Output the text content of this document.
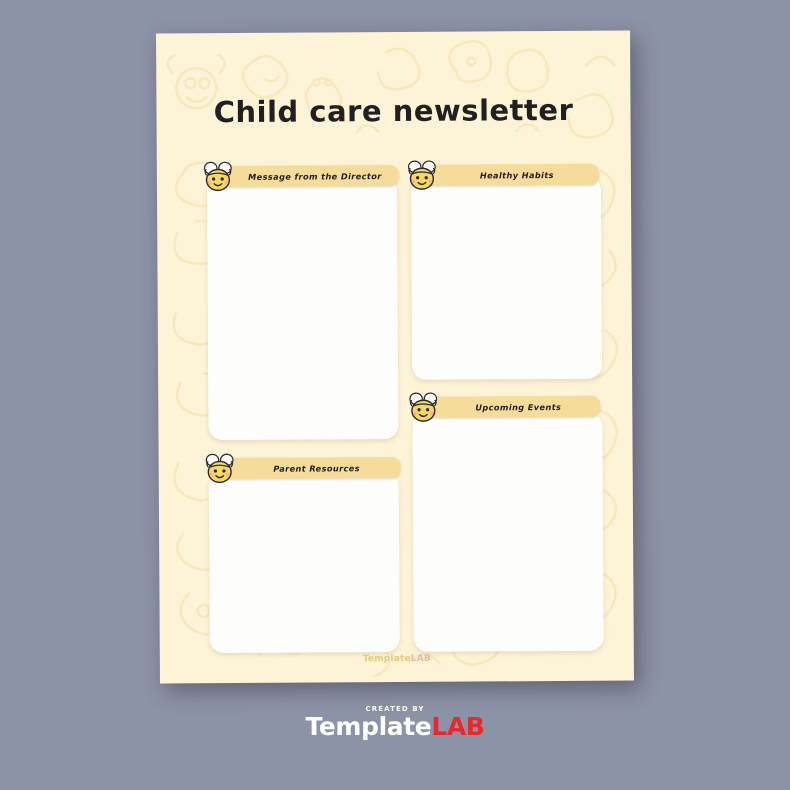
Child care newsletter
Message from the Director	Healthy Habits
Parent Resources
Upcoming Events
TemplateLAB
CREATED BY
TemplateLAB
